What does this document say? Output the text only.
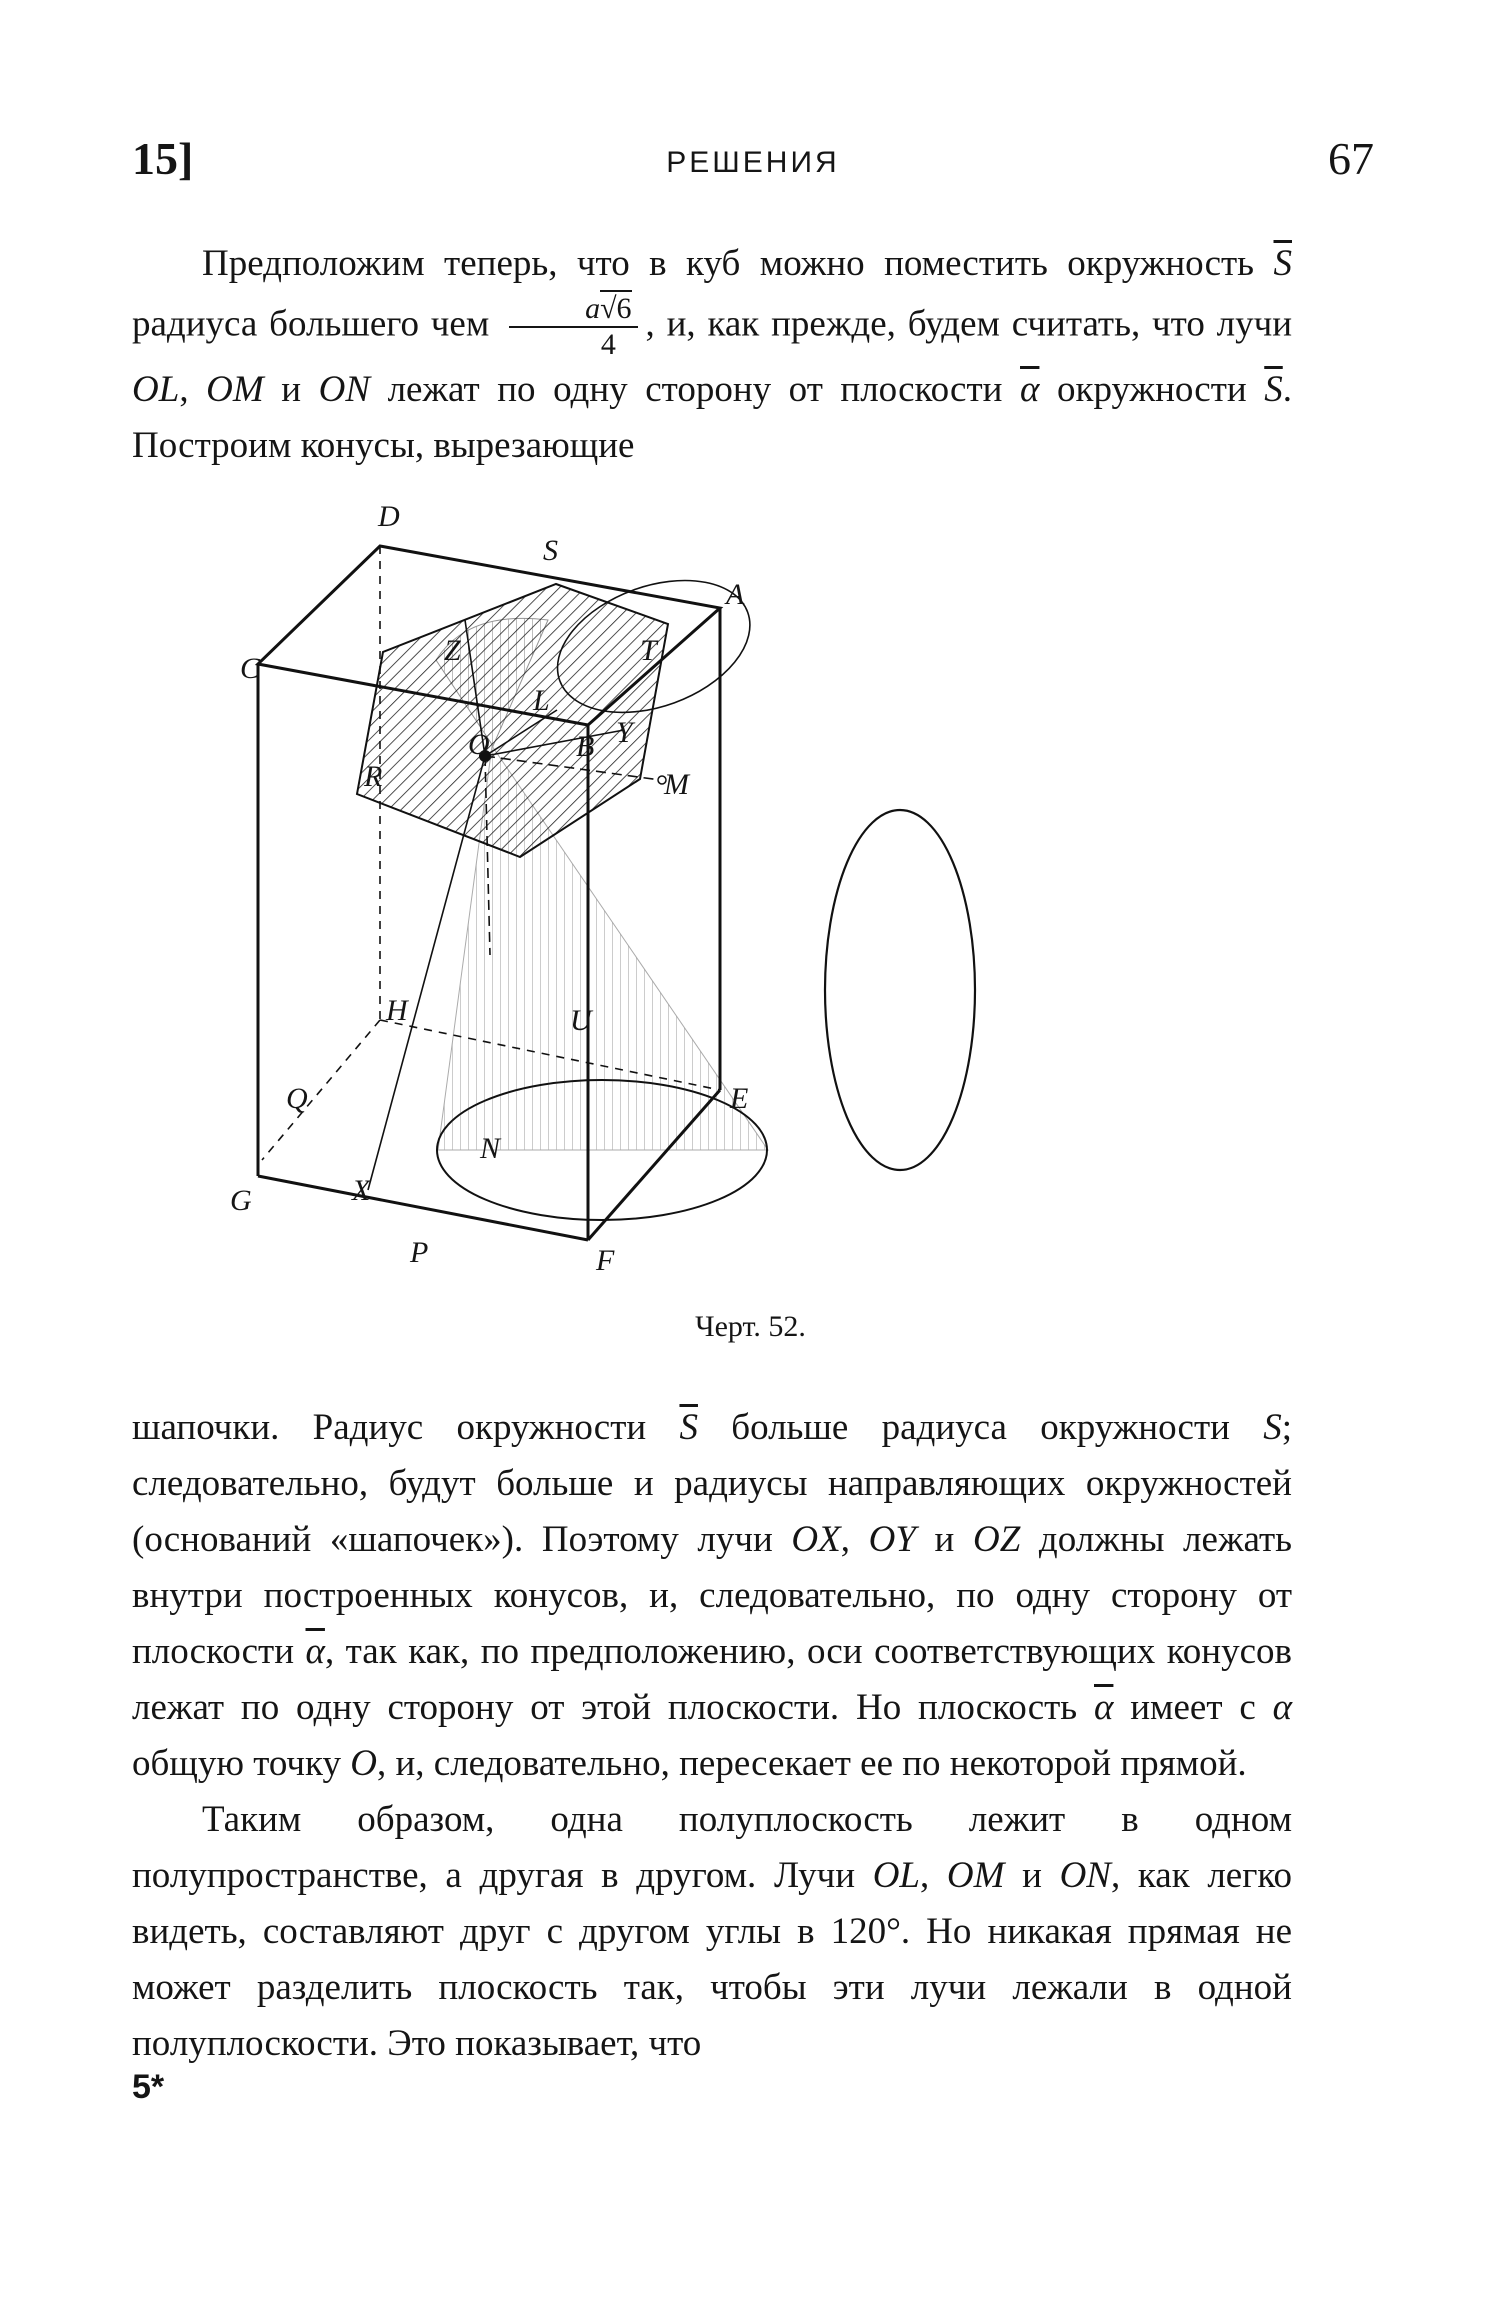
15]	РЕШЕНИЯ	67

Предположим теперь, что в куб можно поместить окружность $\overline{S}$ радиуса большего чем $\frac{a√6}{4}$ , и, как прежде, будем считать, что лучи OL, OM и ON лежат по одну сторону от плоскости $\overline{\alpha}$ окружности $\overline{S}$. Построим конусы, вырезающие

D
S
A
C
Z	T
B
R
L
Y
O
M
H	U
Q	E
N
G	X
P	F
Черт. 52.

шапочки. Радиус окружности $\overline{S}$ больше радиуса окружности S; следовательно, будут больше и радиусы направляющих окружностей (оснований «шапочек»). Поэтому лучи OX, OY и OZ должны лежать внутри построенных конусов, и, следовательно, по одну сторону от плоскости $\overline{\alpha}$, так как, по предположению, оси соответствующих конусов лежат по одну сторону от этой плоскости. Но плоскость $\overline{\alpha}$ имеет с α общую точку O, и, следовательно, пересекает ее по некоторой прямой.

Таким образом, одна полуплоскость лежит в одном полупространстве, а другая в другом. Лучи OL, OM и ON, как легко видеть, составляют друг с другом углы в 120°. Но никакая прямая не может разделить плоскость так, чтобы эти лучи лежали в одной полуплоскости. Это показывает, что

5*
